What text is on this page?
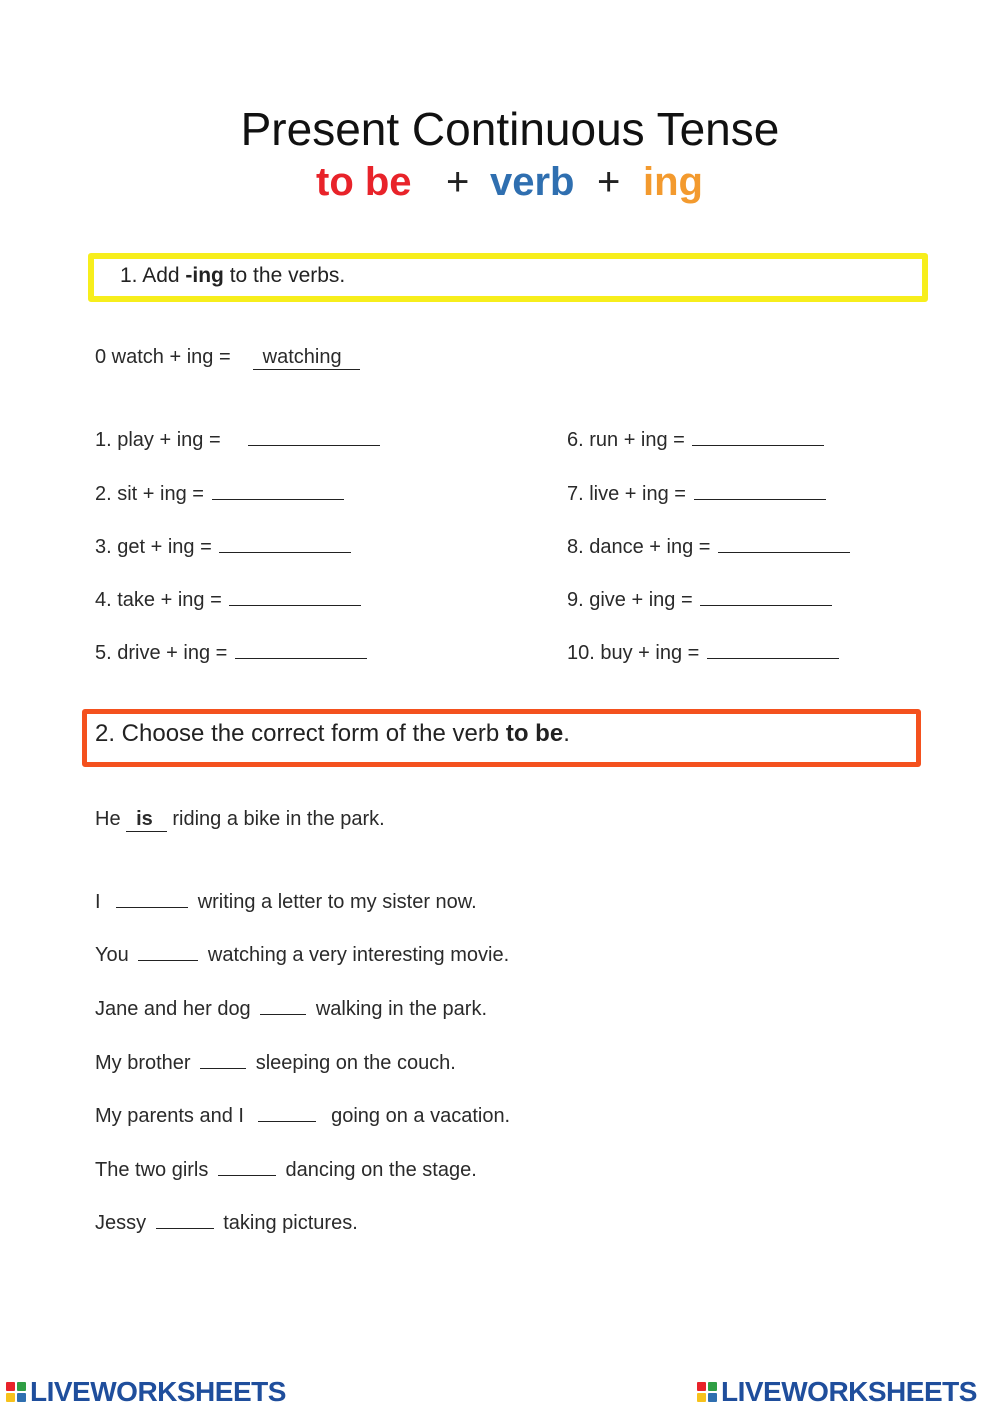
Present Continuous Tense
to be + verb + ing
1. Add -ing to the verbs.
0 watch + ing = watching
1. play + ing =
2. sit + ing =
3. get + ing =
4. take + ing =
5. drive + ing =
6. run + ing =
7. live + ing =
8. dance + ing =
9. give + ing =
10. buy + ing =
2. Choose the correct form of the verb to be.
He is riding a bike in the park.
I	writing a letter to my sister now.
You	watching a very interesting movie.
Jane and her dog	walking in the park.
My brother	sleeping on the couch.
My parents and I	going on a vacation.
The two girls	dancing on the stage.
Jessy	taking pictures.
LIVEWORKSHEETS	LIVEWORKSHEETS
